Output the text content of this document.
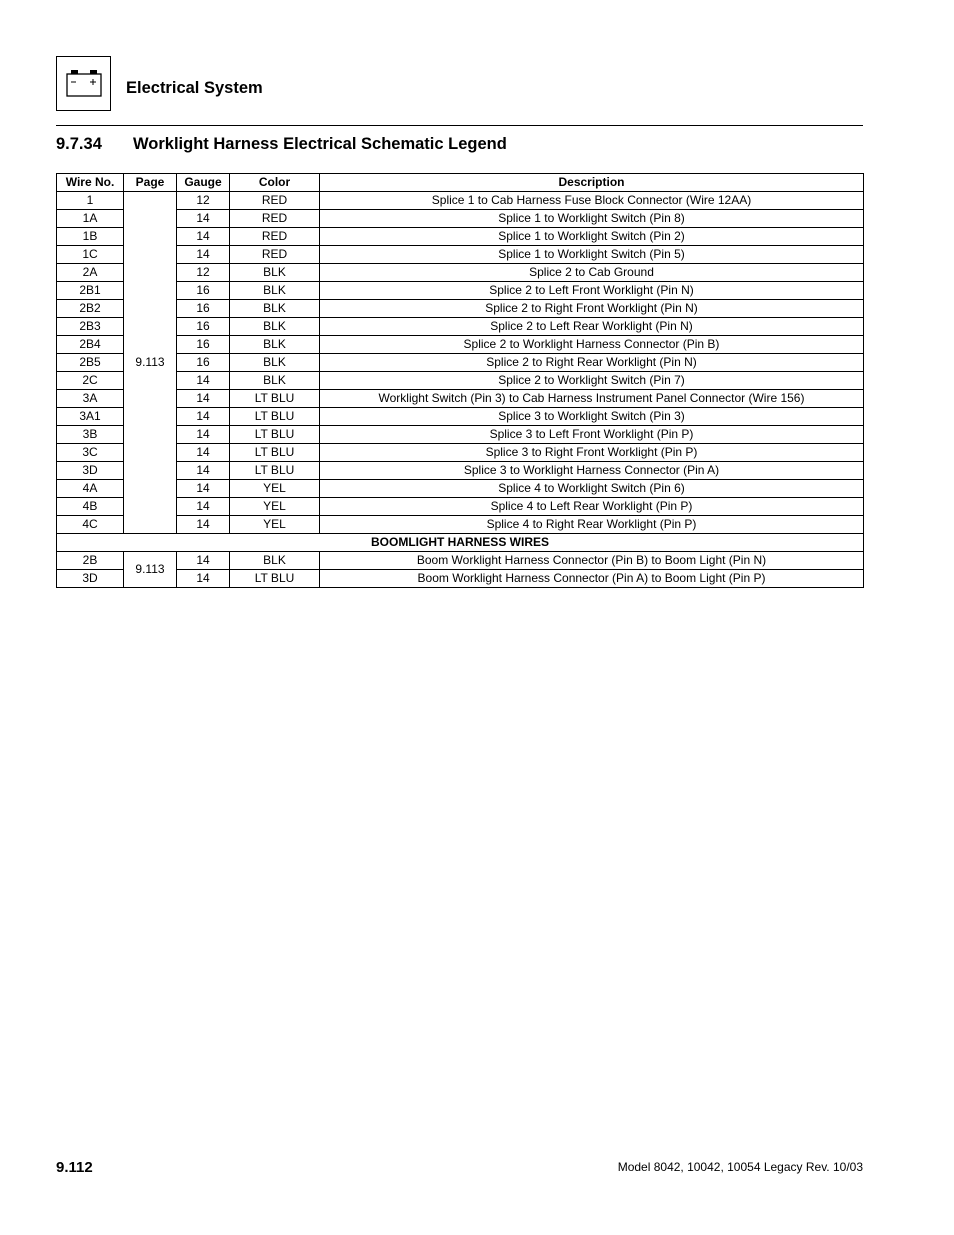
Electrical System
9.7.34 Worklight Harness Electrical Schematic Legend
Wire No.	Page	Gauge	Color	Description
1	9.113	12	RED	Splice 1 to Cab Harness Fuse Block Connector (Wire 12AA)
1A		14	RED	Splice 1 to Worklight Switch (Pin 8)
1B		14	RED	Splice 1 to Worklight Switch (Pin 2)
1C		14	RED	Splice 1 to Worklight Switch (Pin 5)
2A		12	BLK	Splice 2 to Cab Ground
2B1		16	BLK	Splice 2 to Left Front Worklight (Pin N)
2B2		16	BLK	Splice 2 to Right Front Worklight (Pin N)
2B3		16	BLK	Splice 2 to Left Rear Worklight (Pin N)
2B4		16	BLK	Splice 2 to Worklight Harness Connector (Pin B)
2B5		16	BLK	Splice 2 to Right Rear Worklight (Pin N)
2C		14	BLK	Splice 2 to Worklight Switch (Pin 7)
3A		14	LT BLU	Worklight Switch (Pin 3) to Cab Harness Instrument Panel Connector (Wire 156)
3A1		14	LT BLU	Splice 3 to Worklight Switch (Pin 3)
3B		14	LT BLU	Splice 3 to Left Front Worklight (Pin P)
3C		14	LT BLU	Splice 3 to Right Front Worklight (Pin P)
3D		14	LT BLU	Splice 3 to Worklight Harness Connector (Pin A)
4A		14	YEL	Splice 4 to Worklight Switch (Pin 6)
4B		14	YEL	Splice 4 to Left Rear Worklight (Pin P)
4C		14	YEL	Splice 4 to Right Rear Worklight (Pin P)
BOOMLIGHT HARNESS WIRES				
2B	9.113	14	BLK	Boom Worklight Harness Connector (Pin B) to Boom Light (Pin N)
3D		14	LT BLU	Boom Worklight Harness Connector (Pin A) to Boom Light (Pin P)
9.112	Model 8042, 10042, 10054 Legacy Rev. 10/03
